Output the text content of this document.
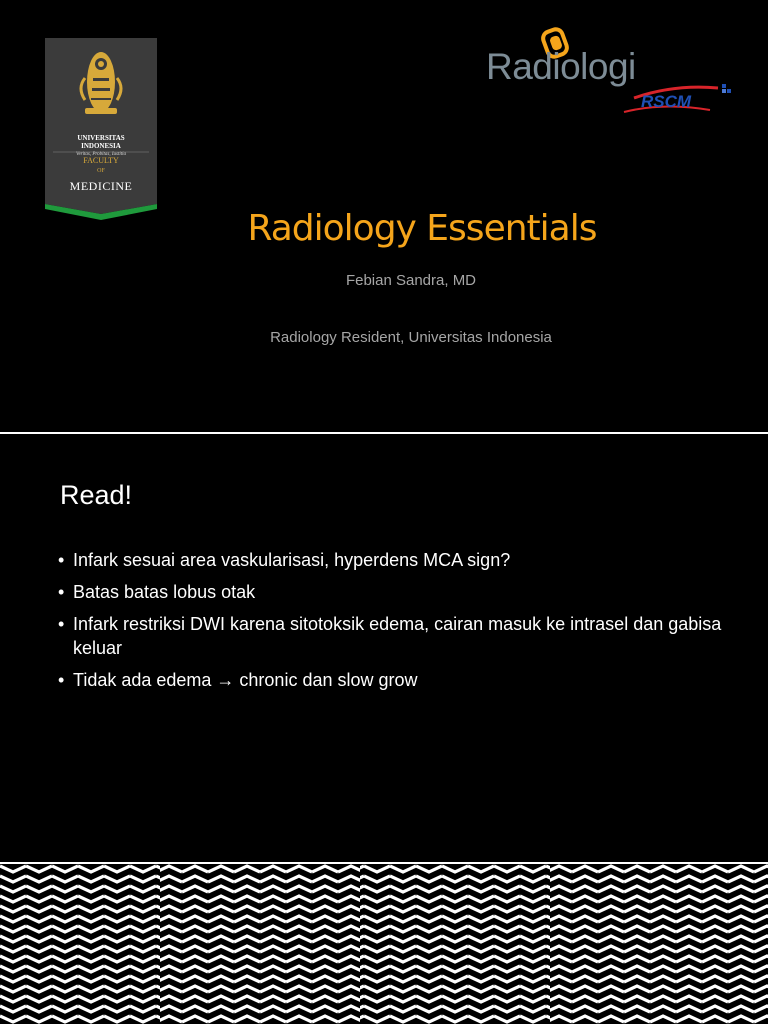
UNIVERSITAS
INDONESIA
Veritas, Probitas, Iustitia
FACULTY
OF
MEDICINE
Radiologi
RSCM
Radiology Essentials
Febian Sandra, MD
Radiology Resident, Universitas Indonesia
Read!
• Infark sesuai area vaskularisasi, hyperdens MCA sign?
• Batas batas lobus otak
• Infark restriksi DWI karena sitotoksik edema, cairan masuk ke intrasel dan gabisa keluar
• Tidak ada edema → chronic dan slow grow
